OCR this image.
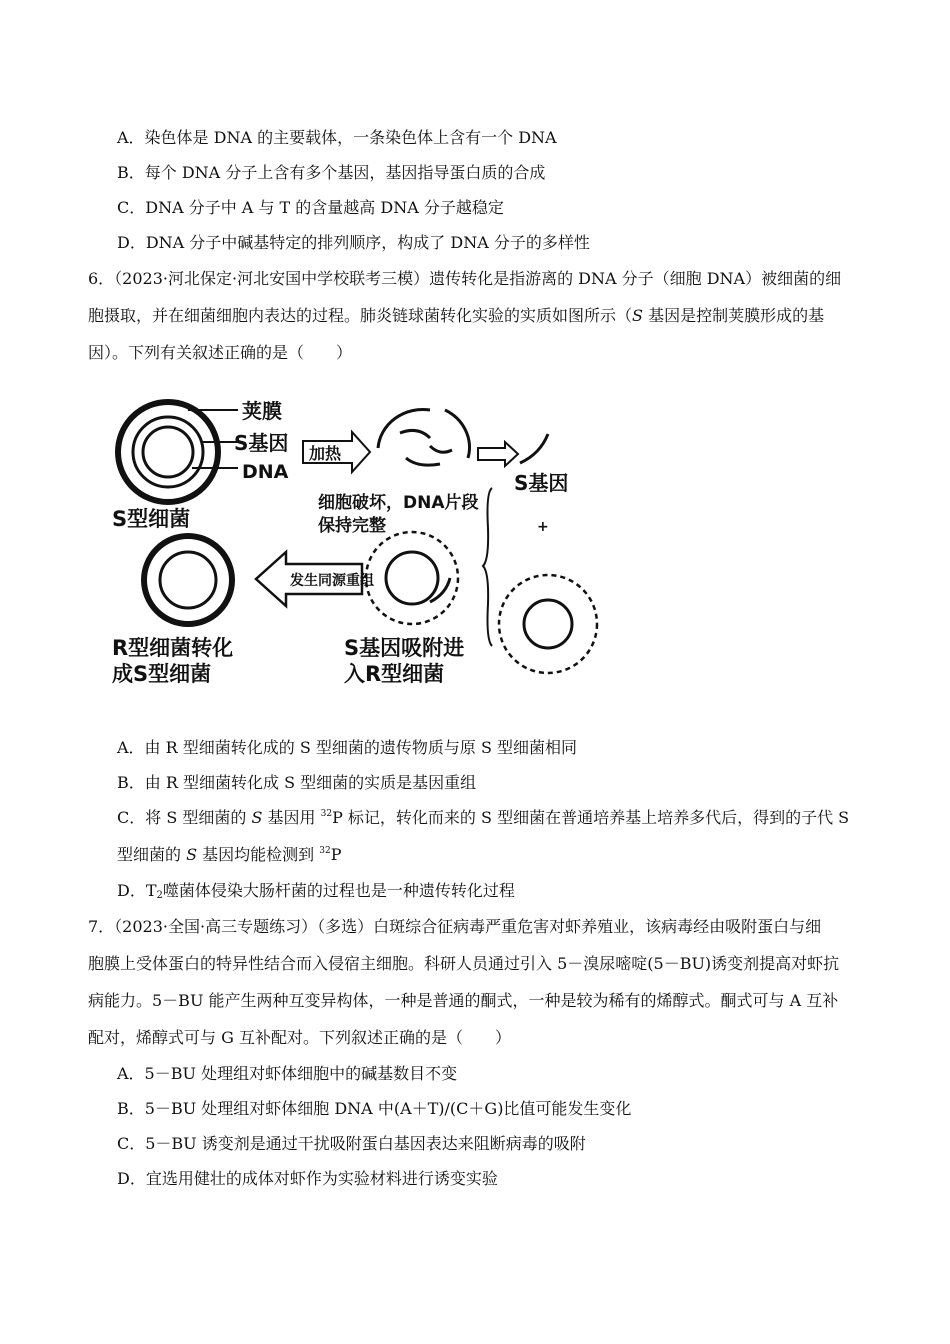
A．染色体是 DNA 的主要载体，一条染色体上含有一个 DNA
B．每个 DNA 分子上含有多个基因，基因指导蛋白质的合成
C．DNA 分子中 A 与 T 的含量越高 DNA 分子越稳定
D．DNA 分子中碱基特定的排列顺序，构成了 DNA 分子的多样性
6．（2023·河北保定·河北安国中学校联考三模）遗传转化是指游离的 DNA 分子（细胞 DNA）被细菌的细
胞摄取，并在细菌细胞内表达的过程。肺炎链球菌转化实验的实质如图所示（S 基因是控制荚膜形成的基
因）。下列有关叙述正确的是（　　）
荚膜
S基因
DNA
S型细菌
加热
S基因
+
细胞破坏，DNA片段
保持完整
S基因吸附进
入R型细菌
发生同源重组
R型细菌转化
成S型细菌
A．由 R 型细菌转化成的 S 型细菌的遗传物质与原 S 型细菌相同
B．由 R 型细菌转化成 S 型细菌的实质是基因重组
C．将 S 型细菌的 S 基因用 $^{32}$P 标记，转化而来的 S 型细菌在普通培养基上培养多代后，得到的子代 S
型细菌的 S 基因均能检测到 $^{32}$P
D．$T_2$噬菌体侵染大肠杆菌的过程也是一种遗传转化过程
7．（2023·全国·高三专题练习）（多选）白斑综合征病毒严重危害对虾养殖业，该病毒经由吸附蛋白与细
胞膜上受体蛋白的特异性结合而入侵宿主细胞。科研人员通过引入 5－溴尿嘧啶(5－BU)诱变剂提高对虾抗
病能力。5－BU 能产生两种互变异构体，一种是普通的酮式，一种是较为稀有的烯醇式。酮式可与 A 互补
配对，烯醇式可与 G 互补配对。下列叙述正确的是（　　）
A．5－BU 处理组对虾体细胞中的碱基数目不变
B．5－BU 处理组对虾体细胞 DNA 中(A＋T)/(C＋G)比值可能发生变化
C．5－BU 诱变剂是通过干扰吸附蛋白基因表达来阻断病毒的吸附
D．宜选用健壮的成体对虾作为实验材料进行诱变实验
